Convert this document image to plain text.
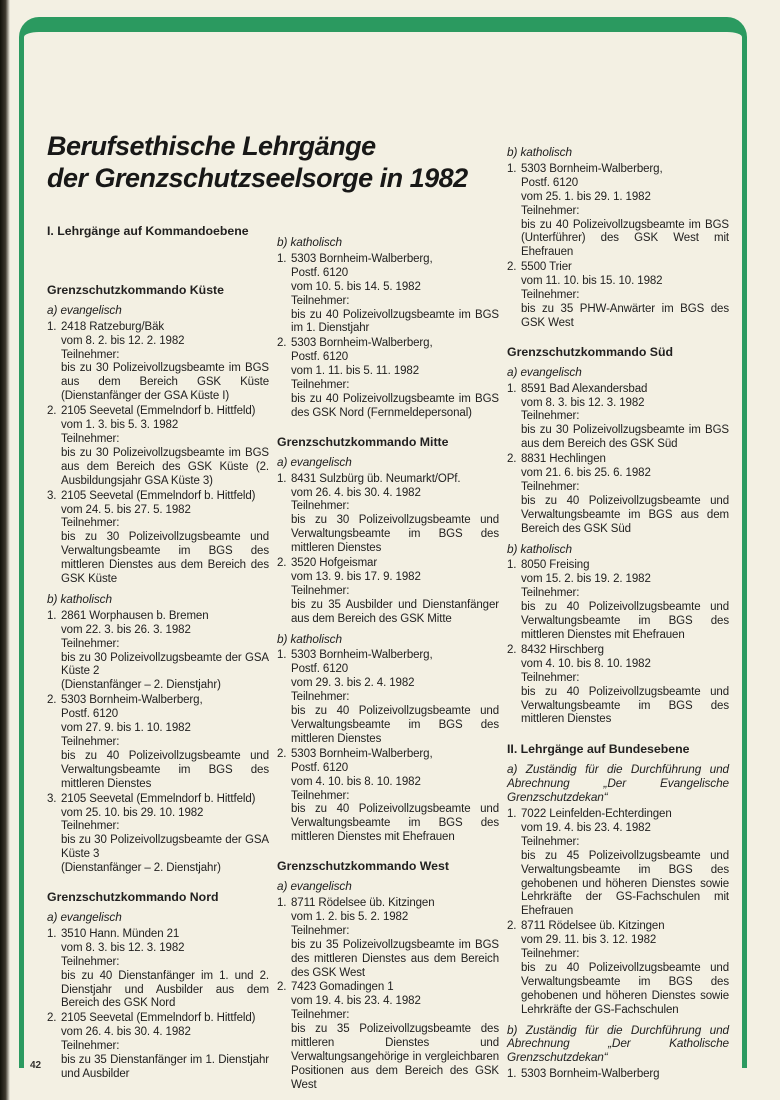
Berufsethische Lehrgänge
der Grenzschutzseelsorge in 1982
I. Lehrgänge auf Kommandoebene
Grenzschutzkommando Küste
a) evangelisch
1. 2418 Ratzeburg/Bäk
vom 8. 2. bis 12. 2. 1982
Teilnehmer:
bis zu 30 Polizeivollzugsbeamte im BGS aus dem Bereich GSK Küste (Dienstanfänger der GSA Küste I)
2. 2105 Seevetal (Emmelndorf b. Hittfeld)
vom 1. 3. bis 5. 3. 1982
Teilnehmer:
bis zu 30 Polizeivollzugsbeamte im BGS aus dem Bereich des GSK Küste (2. Ausbildungsjahr GSA Küste 3)
3. 2105 Seevetal (Emmelndorf b. Hittfeld)
vom 24. 5. bis 27. 5. 1982
Teilnehmer:
bis zu 30 Polizeivollzugsbeamte und Verwaltungsbeamte im BGS des mittleren Dienstes aus dem Bereich des GSK Küste
b) katholisch
1. 2861 Worphausen b. Bremen
vom 22. 3. bis 26. 3. 1982
Teilnehmer:
bis zu 30 Polizeivollzugsbeamte der GSA Küste 2
(Dienstanfänger – 2. Dienstjahr)
2. 5303 Bornheim-Walberberg,
Postf. 6120
vom 27. 9. bis 1. 10. 1982
Teilnehmer:
bis zu 40 Polizeivollzugsbeamte und Verwaltungsbeamte im BGS des mittleren Dienstes
3. 2105 Seevetal (Emmelndorf b. Hittfeld)
vom 25. 10. bis 29. 10. 1982
Teilnehmer:
bis zu 30 Polizeivollzugsbeamte der GSA Küste 3
(Dienstanfänger – 2. Dienstjahr)
Grenzschutzkommando Nord
a) evangelisch
1. 3510 Hann. Münden 21
vom 8. 3. bis 12. 3. 1982
Teilnehmer:
bis zu 40 Dienstanfänger im 1. und 2. Dienstjahr und Ausbilder aus dem Bereich des GSK Nord
2. 2105 Seevetal (Emmelndorf b. Hittfeld)
vom 26. 4. bis 30. 4. 1982
Teilnehmer:
bis zu 35 Dienstanfänger im 1. Dienstjahr und Ausbilder
b) katholisch
1. 5303 Bornheim-Walberberg,
Postf. 6120
vom 10. 5. bis 14. 5. 1982
Teilnehmer:
bis zu 40 Polizeivollzugsbeamte im BGS im 1. Dienstjahr
2. 5303 Bornheim-Walberberg,
Postf. 6120
vom 1. 11. bis 5. 11. 1982
Teilnehmer:
bis zu 40 Polizeivollzugsbeamte im BGS des GSK Nord (Fernmeldepersonal)
Grenzschutzkommando Mitte
a) evangelisch
1. 8431 Sulzbürg üb. Neumarkt/OPf.
vom 26. 4. bis 30. 4. 1982
Teilnehmer:
bis zu 30 Polizeivollzugsbeamte und Verwaltungsbeamte im BGS des mittleren Dienstes
2. 3520 Hofgeismar
vom 13. 9. bis 17. 9. 1982
Teilnehmer:
bis zu 35 Ausbilder und Dienstanfänger aus dem Bereich des GSK Mitte
b) katholisch
1. 5303 Bornheim-Walberberg,
Postf. 6120
vom 29. 3. bis 2. 4. 1982
Teilnehmer:
bis zu 40 Polizeivollzugsbeamte und Verwaltungsbeamte im BGS des mittleren Dienstes
2. 5303 Bornheim-Walberberg,
Postf. 6120
vom 4. 10. bis 8. 10. 1982
Teilnehmer:
bis zu 40 Polizeivollzugsbeamte und Verwaltungsbeamte im BGS des mittleren Dienstes mit Ehefrauen
Grenzschutzkommando West
a) evangelisch
1. 8711 Rödelsee üb. Kitzingen
vom 1. 2. bis 5. 2. 1982
Teilnehmer:
bis zu 35 Polizeivollzugsbeamte im BGS des mittleren Dienstes aus dem Bereich des GSK West
2. 7423 Gomadingen 1
vom 19. 4. bis 23. 4. 1982
Teilnehmer:
bis zu 35 Polizeivollzugsbeamte des mittleren Dienstes und Verwaltungsangehörige in vergleichbaren Positionen aus dem Bereich des GSK West
b) katholisch
1. 5303 Bornheim-Walberberg,
Postf. 6120
vom 25. 1. bis 29. 1. 1982
Teilnehmer:
bis zu 40 Polizeivollzugsbeamte im BGS (Unterführer) des GSK West mit Ehefrauen
2. 5500 Trier
vom 11. 10. bis 15. 10. 1982
Teilnehmer:
bis zu 35 PHW-Anwärter im BGS des GSK West
Grenzschutzkommando Süd
a) evangelisch
1. 8591 Bad Alexandersbad
vom 8. 3. bis 12. 3. 1982
Teilnehmer:
bis zu 30 Polizeivollzugsbeamte im BGS aus dem Bereich des GSK Süd
2. 8831 Hechlingen
vom 21. 6. bis 25. 6. 1982
Teilnehmer:
bis zu 40 Polizeivollzugsbeamte und Verwaltungsbeamte im BGS aus dem Bereich des GSK Süd
b) katholisch
1. 8050 Freising
vom 15. 2. bis 19. 2. 1982
Teilnehmer:
bis zu 40 Polizeivollzugsbeamte und Verwaltungsbeamte im BGS des mittleren Dienstes mit Ehefrauen
2. 8432 Hirschberg
vom 4. 10. bis 8. 10. 1982
Teilnehmer:
bis zu 40 Polizeivollzugsbeamte und Verwaltungsbeamte im BGS des mittleren Dienstes
II. Lehrgänge auf Bundesebene
a) Zuständig für die Durchführung und Abrechnung „Der Evangelische Grenzschutzdekan“
1. 7022 Leinfelden-Echterdingen
vom 19. 4. bis 23. 4. 1982
Teilnehmer:
bis zu 45 Polizeivollzugsbeamte und Verwaltungsbeamte im BGS des gehobenen und höheren Dienstes sowie Lehrkräfte der GS-Fachschulen mit Ehefrauen
2. 8711 Rödelsee üb. Kitzingen
vom 29. 11. bis 3. 12. 1982
Teilnehmer:
bis zu 40 Polizeivollzugsbeamte und Verwaltungsbeamte im BGS des gehobenen und höheren Dienstes sowie Lehrkräfte der GS-Fachschulen
b) Zuständig für die Durchführung und Abrechnung „Der Katholische Grenzschutzdekan“
1. 5303 Bornheim-Walberberg
42
